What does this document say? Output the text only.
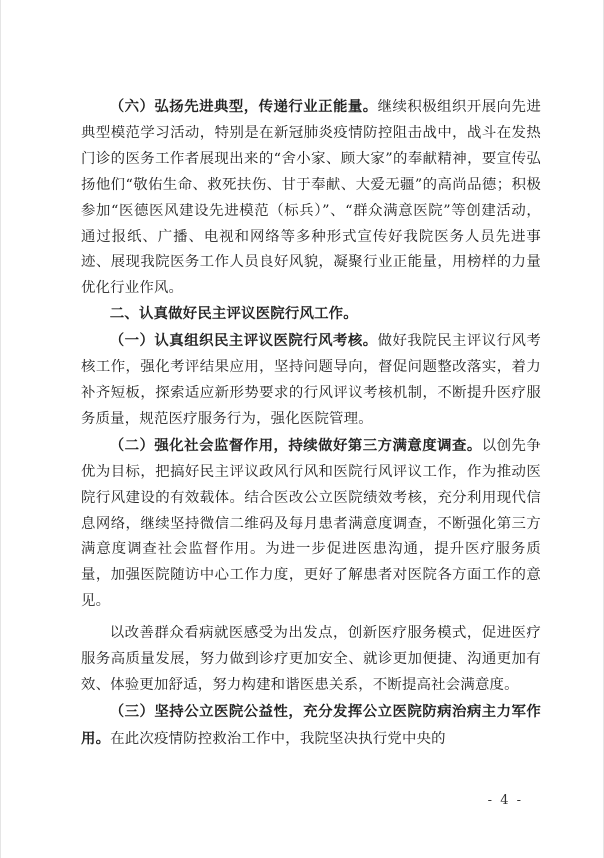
（六）弘扬先进典型，传递行业正能量。继续积极组织开展向先进典型模范学习活动，特别是在新冠肺炎疫情防控阻击战中，战斗在发热门诊的医务工作者展现出来的“舍小家、顾大家”的奉献精神，要宣传弘扬他们“敬佑生命、救死扶伤、甘于奉献、大爱无疆”的高尚品德；积极参加“医德医风建设先进模范（标兵）”、“群众满意医院”等创建活动，通过报纸、广播、电视和网络等多种形式宣传好我院医务人员先进事迹、展现我院医务工作人员良好风貌，凝聚行业正能量，用榜样的力量优化行业作风。

二、认真做好民主评议医院行风工作。

（一）认真组织民主评议医院行风考核。做好我院民主评议行风考核工作，强化考评结果应用，坚持问题导向，督促问题整改落实，着力补齐短板，探索适应新形势要求的行风评议考核机制，不断提升医疗服务质量，规范医疗服务行为，强化医院管理。

（二）强化社会监督作用，持续做好第三方满意度调查。以创先争优为目标，把搞好民主评议政风行风和医院行风评议工作，作为推动医院行风建设的有效载体。结合医改公立医院绩效考核，充分利用现代信息网络，继续坚持微信二维码及每月患者满意度调查，不断强化第三方满意度调查社会监督作用。为进一步促进医患沟通，提升医疗服务质量，加强医院随访中心工作力度，更好了解患者对医院各方面工作的意见。

以改善群众看病就医感受为出发点，创新医疗服务模式，促进医疗服务高质量发展，努力做到诊疗更加安全、就诊更加便捷、沟通更加有效、体验更加舒适，努力构建和谐医患关系，不断提高社会满意度。

（三）坚持公立医院公益性，充分发挥公立医院防病治病主力军作用。在此次疫情防控救治工作中，我院坚决执行党中央的

- 4 -
